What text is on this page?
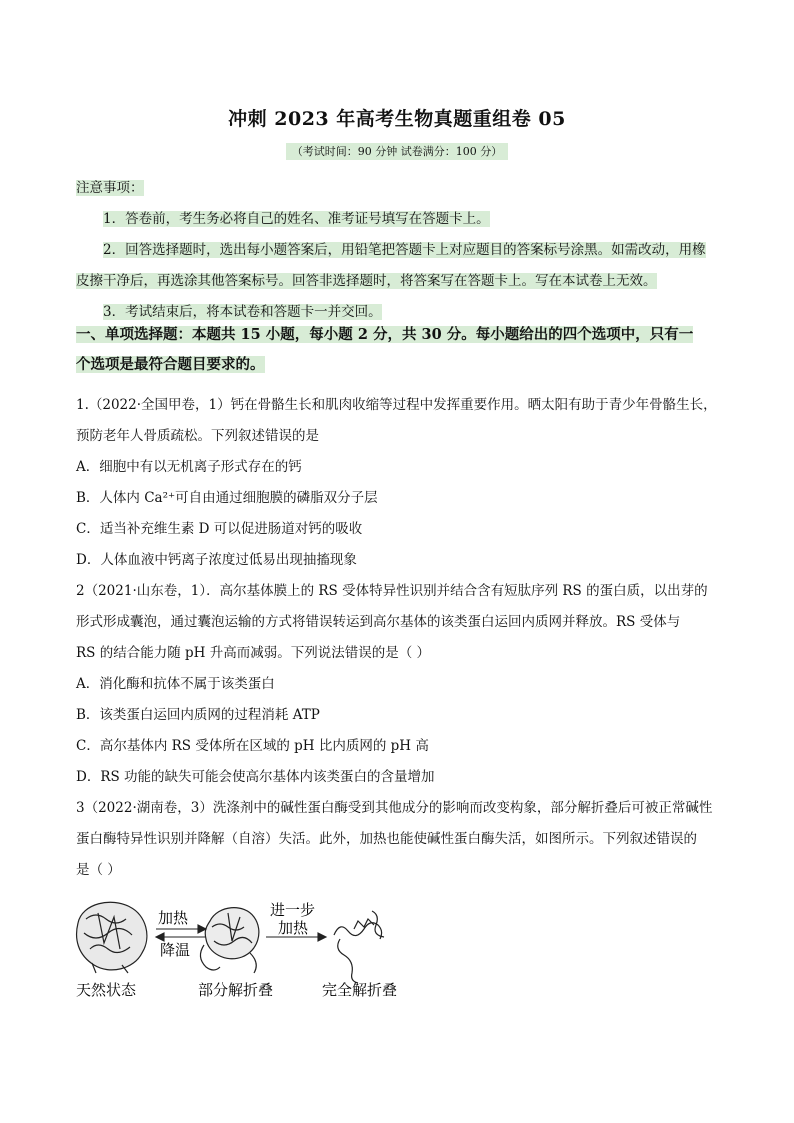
冲刺 2023 年高考生物真题重组卷 05
（考试时间：90 分钟 试卷满分：100 分）
注意事项：
1．答卷前，考生务必将自己的姓名、准考证号填写在答题卡上。
2．回答选择题时，选出每小题答案后，用铅笔把答题卡上对应题目的答案标号涂黑。如需改动，用橡
皮擦干净后，再选涂其他答案标号。回答非选择题时，将答案写在答题卡上。写在本试卷上无效。
3．考试结束后，将本试卷和答题卡一并交回。
一、单项选择题：本题共 15 小题，每小题 2 分，共 30 分。每小题给出的四个选项中，只有一
个选项是最符合题目要求的。
1.（2022·全国甲卷，1）钙在骨骼生长和肌肉收缩等过程中发挥重要作用。晒太阳有助于青少年骨骼生长，
预防老年人骨质疏松。下列叙述错误的是
A．细胞中有以无机离子形式存在的钙
B．人体内 Ca²⁺可自由通过细胞膜的磷脂双分子层
C．适当补充维生素 D 可以促进肠道对钙的吸收
D．人体血液中钙离子浓度过低易出现抽搐现象
2（2021·山东卷，1）．高尔基体膜上的 RS 受体特异性识别并结合含有短肽序列 RS 的蛋白质，以出芽的
形式形成囊泡，通过囊泡运输的方式将错误转运到高尔基体的该类蛋白运回内质网并释放。RS 受体与
RS 的结合能力随 pH 升高而减弱。下列说法错误的是（ ）
A．消化酶和抗体不属于该类蛋白
B．该类蛋白运回内质网的过程消耗 ATP
C．高尔基体内 RS 受体所在区域的 pH 比内质网的 pH 高
D．RS 功能的缺失可能会使高尔基体内该类蛋白的含量增加
3（2022·湖南卷，3）洗涤剂中的碱性蛋白酶受到其他成分的影响而改变构象，部分解折叠后可被正常碱性
蛋白酶特异性识别并降解（自溶）失活。此外，加热也能使碱性蛋白酶失活，如图所示。下列叙述错误的
是（ ）
加热
降温
进一步
加热
天然状态	部分解折叠	完全解折叠
